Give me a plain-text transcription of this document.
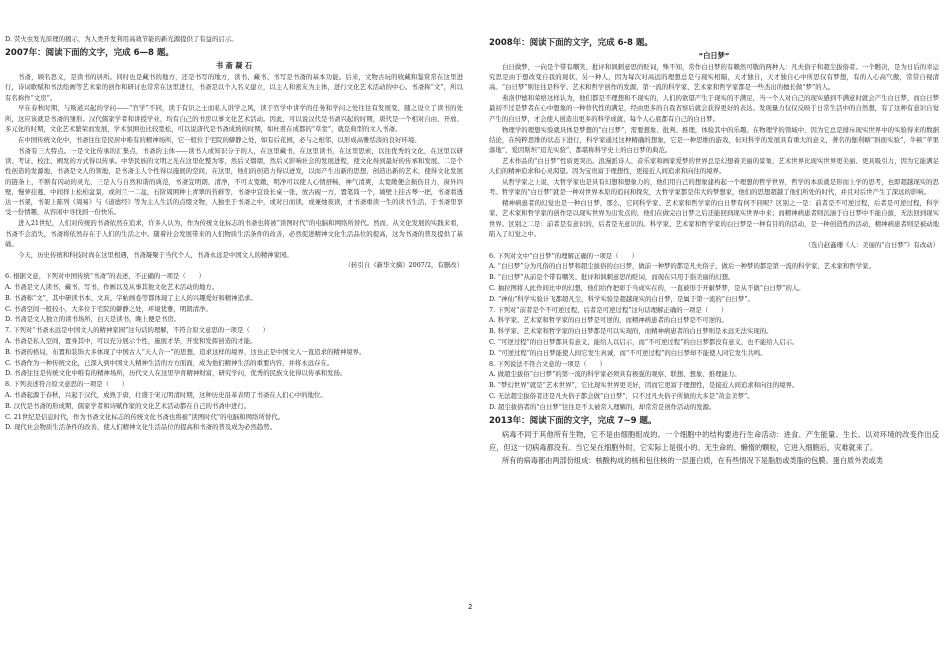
D. 荧火虫发光原理的揭示，为人类开发利用高效节能的新光源提供了有益的启示。

2007年：阅读下面的文字，完成 6—8 题。

书 斋 凝 石

书斋，顾名思义，是读书的居所。同时也是藏书的地方，还是书写的地方，读书、藏书、书写是书斋的基本功能。后来，文物古玩的收藏和鉴赏常在这里进行，诗词歌赋和书法绘画等艺术家的创作和研讨也常常在这里进行，书斋是以个人名义建立，以主人和密友为主体，进行文化艺术活动的中心。书斋称“文”，所以有名称作“文房”。

早在春秋时期，与斯道兴起的学问——“官学”不同，读于有识之士而私人讲学之风，读于官学中讲学的任务和学问之处往往有发展变，随之设立了读书的处所，这应该就是书斋的雏形。汉代儒家学者和讲授学业，均有自己的书房以事文化艺术活动。因此，可以说汉代是书斋兴起的时期，唐代是一个相对自由、开放、多元化的时期，文化艺术繁荣而发展，学术氛围也比较宽松，可以说唐代是书斋成熟的时期，如杜甫在成都的“草堂”，就是典型的文人书斋。

在中国传统文化中，书斋往往是民居中唯有的精神场所，它一般位于宅院的僻静之处，如有后花园，必与之相邻，以形成高雅恬淡的良好环境。

书斋有三大特点。一是文化传承的汇集点，书斋的主体——读书人或知识分子的人，在这里藏书，在这里读书，在这里思索，以往优秀的文化，在这里以研读、考证、校注、阐发的方式得以传承。中华民族的文明之光在这里化整为零，然后又熠熠，然后又影响社会的发展进程，使文化得到最好的传承和发展。二是个性创造的发源地，书斋是文人的领地，是书斋主人个性得以施展的空间，在这里，他们的创造力得以迸发，以而产生出新的思想，创造出新的艺术，使得文化发展的链条上，不断有闪动的灵光，三是人与自然和谐的典范，书斋宜明朗，清净，不可太宽敞，明净可以使人心情舒畅，神气清爽，太宽敞便会损伤目力，窗外四壁，慢萝挂蔓，中间择上松柏盆景，或剑兰一二盆，石阶周围种上青翠的苔藓等，书斋中宜设长桌一张，放古砚一方，置笔筒一个，墙壁上挂古琴一把，书斋看透达一书架，书架上陈列《周易》与《道德经》等为主人生活的点缀文物，人独坐于书斋之中，或对日而读，或兼烛夜读，才书斋重读一生的读书生活，于书斋里享受一份情趣，从容闲中寻找到一份快乐。

进入21世纪，人们对传统的书斋依然在追求，许多人认为，作为传统文化标志的书斋也将被“读图时代”的电脑和网络所替代。然而，从文化发展的实践来看，书斋不会消失，书斋将依然存在于人们的生活之中。随着社会发展带来的人们物质生活条件的改善，必然促进精神文化生活品位的提高，这为书斋的普及提供了基础。

今天，历史传统和科技时尚在这里相遇，书斋凝聚于当代个人，书斋永远是中国文人的精神家园。

（转引自《新华文摘》2007/2，有删改）

6. 根据文意，下列对中国传统“书斋”的表述，不正确的一项是（　　）

A. 书斋是文人读书、藏书、写书、作画以及从事其他文化艺术活动的地方。

B. 书斋称“文”，其中研读书本、文具、字帖画卷等都体现了主人的兴趣爱好和精神追求。

C. 书斋空间一般较小，大多位于宅院的僻静之处，环境优雅，明朗清净。

D. 书斋是文人独立的读书场所，白天是读书，晚上便是书房。

7. 下列对“书斋永远是中国文人的精神家园”这句话的理解，不符合原文意思的一项是（　　）

A. 书斋是私人空间，置身其中，可以充分展示个性，施展才华，开发和发挥创造的才能。

B. 书斋的格局，布置和装饰大多体现了中国古人“天人合一”的思想，追求这样的境界，这也正是中国文人一直追求的精神境界。

C. 书斋作为一种传统文化，已深入到中国文人精神生活的方方面面，成为他们精神生活的重要内容，并将永远存在。

D. 书斋往往是传统文化中唯有的精神场所，历代文人在这里孕育精神财富，研究学问，优秀的民族文化得以传承和发扬。

8. 下列表述符合原文意思的一项是（　　）

A. 书斋起源于春秋，兴起于汉代，成熟于唐，壮盛于宋元明清时期，这种历史沿革表明了书斋在人们心中的地位。

B. 汉代是书斋的形成期，儒家学者和诗赋作家的文化艺术活动都在自己的书斋中进行。

C. 21世纪是信息时代，作为书斋文化标志的传统文化书斋也将被“读图时代”的电脑和网络所替代。

D. 现代社会物质生活条件的改善，使人们精神文化生活品位的提高和书斋的普及成为必然趋势。

2008年：阅读下面的文字，完成 6-8 题。

“白日梦”

白日做梦，一向是个带有嘲笑、批评和讽刺意思的贬词，殊不知，常作白日梦的有赖然可敬的两种人：凡夫俗子和超尘拔俗者。一个瞧决，是为日后的幸运究思是由于想改变自我的现状，另一种人，因为每次对高远的理想总是与现实相隔，天才独自，天才独自心中所思仅有梦想，有的人心高气傲，常常自视清高。“白日梦”则往往是科学、艺术和哲学创作的发源、第一流的科学家、艺术家和哲学家都是一些杰出的擅长做“梦”的人。

弗洛伊德和荣格这样认为，他们都是不理想和不现实的，人们的欲望产生于现实的不满足，当一个人对自己的现实感到不满意时就会产生白日梦，而白日梦最初不过是梦者在心中想象的一种替代性的满足，经由更多的自我省察后就会获得更好的表达。发现量力仅仅反映于日常生活中的自然想，有了这种有意识自觉产生的白日梦，才会使人创造出更多的科学成就，每个人心底都有自己的白日梦。

物理学的理想实验就具体是梦想的“白日梦”，需要想象、批判、推理，体验其中的乐趣。在物理学的领域中，因为它总是排斥现实世界中的实验得来的数据结论，在纯粹思维的状态下进行，科学家通过这种精确的想象，它是一种思维的游戏，但对科学的发展具有重大的意义，著名的伽利略“斜面实验”，牛顿“苹果落地”，爱因斯坦“追光实验”，都堪称科学史上的白日梦的典范。

艺术作品的“白日梦”性质更突出。浪漫派诗人、音乐家和画家爱梦的世界总是幻想着美丽的景象，艺术世界比现实世界更美丽、更具吸引力，因为它能满足人们的精神追求和心灵渴望。因为宝贵富于理想性，更接近人间追求和向往的境界。

从哲学家之上说，大哲学家也是具有幻想和想象力的，他们用自己的想象建构起一个理想的哲学世界，哲学的本质就是形而上学的思考，也即超越现实的思考。哲学家的“白日梦”就是一种对世界本原的追问和探究，大哲学家都是伟大的梦想家，他们的思想超越了他们所处的时代，并且对后世产生了深远的影响。

精神病患者的幻觉也是一种白日梦，那么，它同科学家、艺术家和哲学家的白日梦有何不同呢？区别之一是：前者是不可逆过程，后者是可逆过程，科学家、艺术家和哲学家的创作是以现实世界为出发点的，他们在做完白日梦之后还能回到现实世界中来；而精神病患者则沉湎于白日梦中不能自拔，无法回到现实世界。区别之二是：前者是有意识的，后者是无意识的。科学家、艺术家和哲学家的白日梦是一种有目的的活动，是一种创造性的活动，精神病患者则是被动地陷入了幻觉之中。

（选自赵鑫珊《人：美丽的“白日梦”》有改动）

6. 下列对文中“白日梦”的理解正确的一项是（　　）

A. “白日梦”分为凡俗的白日梦和超尘拔俗的白日梦，做前一种梦的都是凡夫俗子，做后一种梦的都是第一流的科学家、艺术家和哲学家。

B. “白日梦”从前是个带有嘲笑、批评和讽刺意思的贬词，而现在只用于指美丽的幻想。

C. 抽拉图将人此作间比中的幻想，他们给作把彰于当成实在的，一直被形于开耐梦梦，是从不做“白日梦”的人。

D. “神仙”科学实验计飞都超凡尘，科学实验是超越现实的白日梦，是属于第一流的“白日梦”。

7. 下列对“前者是个不可逆过程，后者是可逆过程”这句话理解正确的一项是（　　）

A. 科学家、艺术家和哲学家的白日梦是可逆的，而精神病患者的白日梦是不可逆的。

B. 科学家、艺术家和哲学家的白日梦都是可以实现的，而精神病患者的白日梦则是永远无法实现的。

C. “可逆过程”的白日梦都具有意义，能给人以启示，而“不可逆过程”的白日梦都没有意义，也不能给人启示。

D. “可逆过程”的白日梦能使人间它发生真诚，而“不可逆过程”的白日梦却不能使人同它发生共鸣。

8. 下列说法不符合文意的一项是（　　）

A. 做超尘拔俗“白日梦”的第一流的科学家必须具有极强的观察、联想、想象、推理能力。

B. “梦幻世界”就是“艺术世界”，它比现实世界更美好，因而它更富于理想性，是接近人间追求和向往的境界。

C. 无法超尘拔俗者还是凡夫俗子都会做“白日梦”，只不过凡夫俗子所做的大多是“黄金美梦”。

D. 超尘拔俗者的“白日梦”往往是不太被常人理解的，却常常是创作活动的发源。

2013年：阅读下面的文字，完成 7~9 题。

病毒不同于其他所有生物，它不是由细胞组成的。一个细胞中的结构要进行生命活动：进食、产生能量、生长、以对环境的改变作出反应，但这一切病毒都没有。当它呆在细胞外时，它实际上是很小的、无生命的、懒惰的颗粒，它进入细胞后，灾难就来了。

所有的病毒都由两部份组成：核酸构成的核和包住核的一层蛋白质，在有些情况下是脂肪或类脂的包膜。蛋白质外表或类

2
